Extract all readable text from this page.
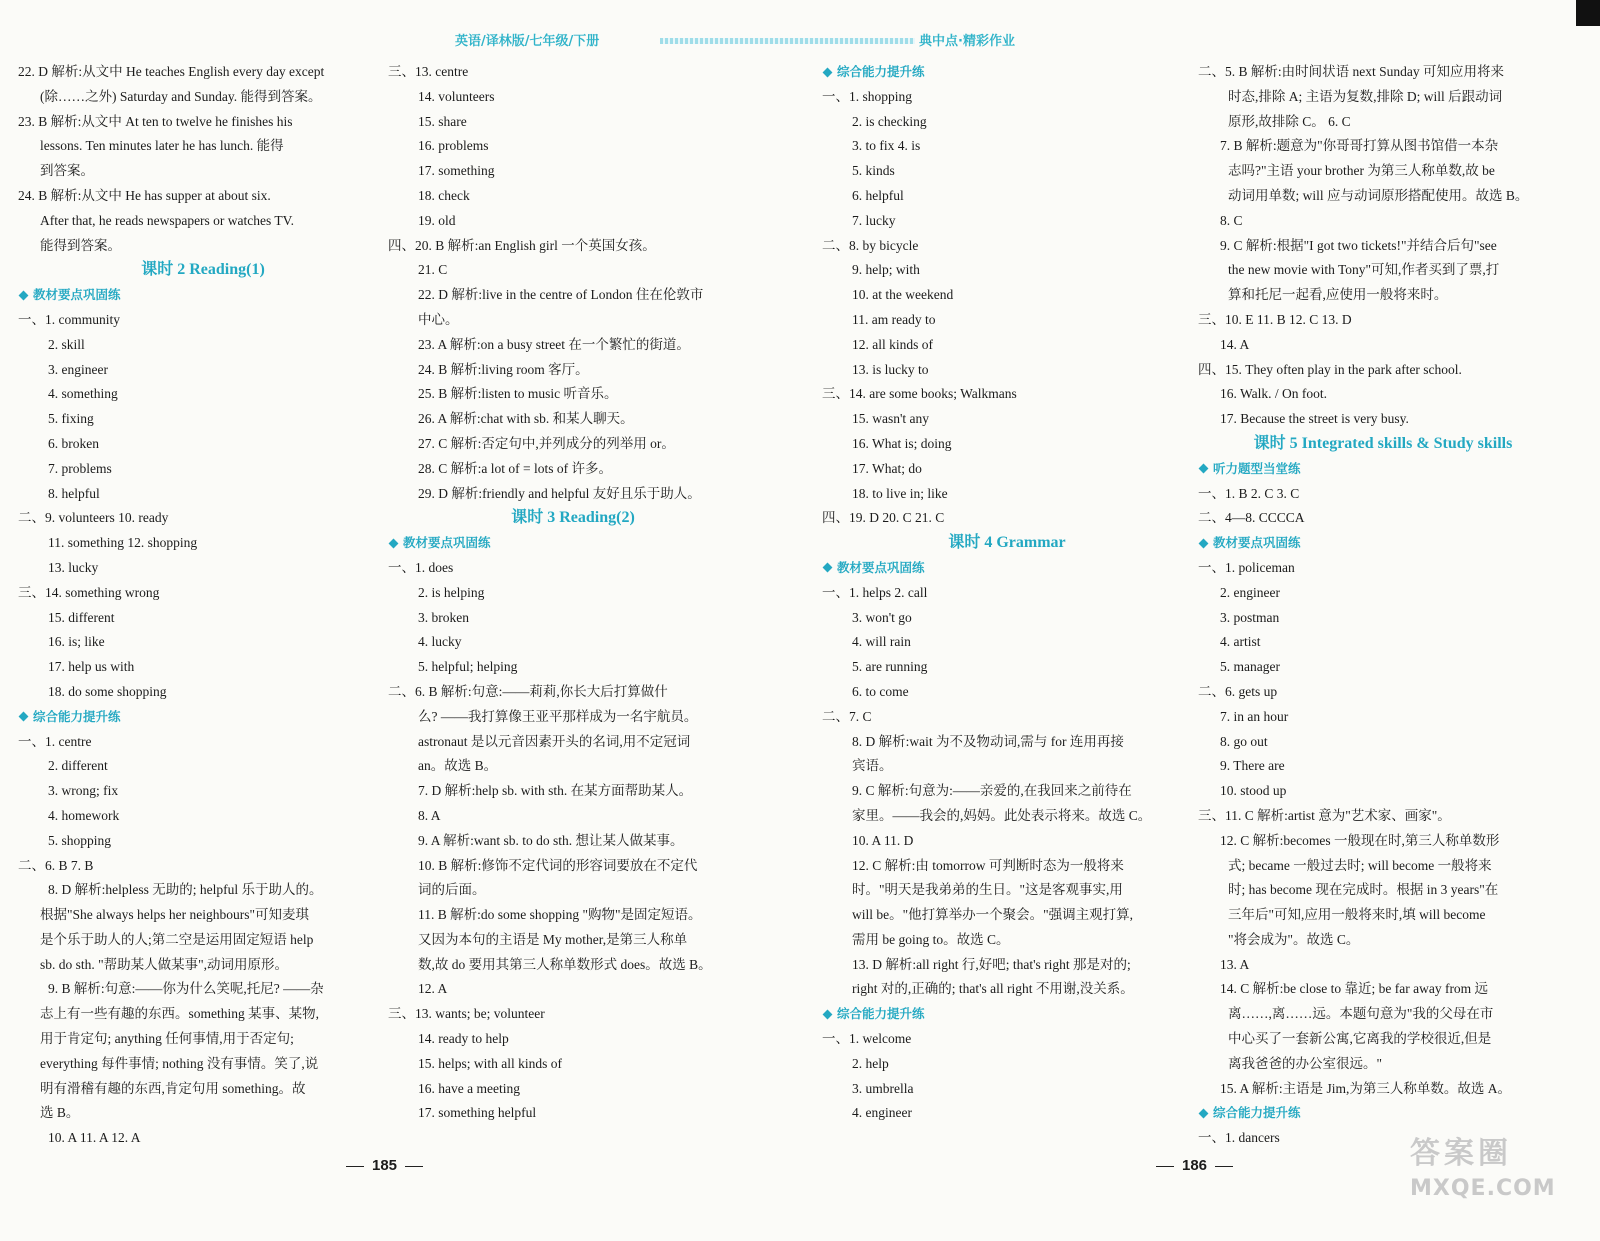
英语/译林版/七年级/下册	典中点·精彩作业
22. D 解析:从文中 He teaches English every day except
(除……之外) Saturday and Sunday. 能得到答案。
23. B 解析:从文中 At ten to twelve he finishes his
lessons. Ten minutes later he has lunch. 能得
到答案。
24. B 解析:从文中 He has supper at about six.
After that, he reads newspapers or watches TV.
能得到答案。
课时 2 Reading(1)
教材要点巩固练
一、1. community
2. skill
3. engineer
4. something
5. fixing
6. broken
7. problems
8. helpful
二、9. volunteers 10. ready
11. something 12. shopping
13. lucky
三、14. something wrong
15. different
16. is; like
17. help us with
18. do some shopping
综合能力提升练
一、1. centre
2. different
3. wrong; fix
4. homework
5. shopping
二、6. B 7. B
8. D 解析:helpless 无助的; helpful 乐于助人的。
根据"She always helps her neighbours"可知麦琪
是个乐于助人的人;第二空是运用固定短语 help
sb. do sth. "帮助某人做某事",动词用原形。
9. B 解析:句意:——你为什么笑呢,托尼? ——杂
志上有一些有趣的东西。something 某事、某物,
用于肯定句; anything 任何事情,用于否定句;
everything 每件事情; nothing 没有事情。笑了,说
明有滑稽有趣的东西,肯定句用 something。故
选 B。
10. A 11. A 12. A
三、13. centre
14. volunteers
15. share
16. problems
17. something
18. check
19. old
四、20. B 解析:an English girl 一个英国女孩。
21. C
22. D 解析:live in the centre of London 住在伦敦市
中心。
23. A 解析:on a busy street 在一个繁忙的街道。
24. B 解析:living room 客厅。
25. B 解析:listen to music 听音乐。
26. A 解析:chat with sb. 和某人聊天。
27. C 解析:否定句中,并列成分的列举用 or。
28. C 解析:a lot of = lots of 许多。
29. D 解析:friendly and helpful 友好且乐于助人。
课时 3 Reading(2)
教材要点巩固练
一、1. does
2. is helping
3. broken
4. lucky
5. helpful; helping
二、6. B 解析:句意:——莉莉,你长大后打算做什
么? ——我打算像王亚平那样成为一名宇航员。
astronaut 是以元音因素开头的名词,用不定冠词
an。故选 B。
7. D 解析:help sb. with sth. 在某方面帮助某人。
8. A
9. A 解析:want sb. to do sth. 想让某人做某事。
10. B 解析:修饰不定代词的形容词要放在不定代
词的后面。
11. B 解析:do some shopping "购物"是固定短语。
又因为本句的主语是 My mother,是第三人称单
数,故 do 要用其第三人称单数形式 does。故选 B。
12. A
三、13. wants; be; volunteer
14. ready to help
15. helps; with all kinds of
16. have a meeting
17. something helpful
综合能力提升练
一、1. shopping
2. is checking
3. to fix 4. is
5. kinds
6. helpful
7. lucky
二、8. by bicycle
9. help; with
10. at the weekend
11. am ready to
12. all kinds of
13. is lucky to
三、14. are some books; Walkmans
15. wasn't any
16. What is; doing
17. What; do
18. to live in; like
四、19. D 20. C 21. C
课时 4 Grammar
教材要点巩固练
一、1. helps 2. call
3. won't go
4. will rain
5. are running
6. to come
二、7. C
8. D 解析:wait 为不及物动词,需与 for 连用再接
宾语。
9. C 解析:句意为:——亲爱的,在我回来之前待在
家里。——我会的,妈妈。此处表示将来。故选 C。
10. A 11. D
12. C 解析:由 tomorrow 可判断时态为一般将来
时。"明天是我弟弟的生日。"这是客观事实,用
will be。"他打算举办一个聚会。"强调主观打算,
需用 be going to。故选 C。
13. D 解析:all right 行,好吧; that's right 那是对的;
right 对的,正确的; that's all right 不用谢,没关系。
综合能力提升练
一、1. welcome
2. help
3. umbrella
4. engineer
二、5. B 解析:由时间状语 next Sunday 可知应用将来
时态,排除 A; 主语为复数,排除 D; will 后跟动词
原形,故排除 C。 6. C
7. B 解析:题意为"你哥哥打算从图书馆借一本杂
志吗?"主语 your brother 为第三人称单数,故 be
动词用单数; will 应与动词原形搭配使用。故选 B。
8. C
9. C 解析:根据"I got two tickets!"并结合后句"see
the new movie with Tony"可知,作者买到了票,打
算和托尼一起看,应使用一般将来时。
三、10. E 11. B 12. C 13. D
14. A
四、15. They often play in the park after school.
16. Walk. / On foot.
17. Because the street is very busy.
课时 5 Integrated skills & Study skills
听力题型当堂练
一、1. B 2. C 3. C
二、4—8. CCCCA
教材要点巩固练
一、1. policeman
2. engineer
3. postman
4. artist
5. manager
二、6. gets up
7. in an hour
8. go out
9. There are
10. stood up
三、11. C 解析:artist 意为"艺术家、画家"。
12. C 解析:becomes 一般现在时,第三人称单数形
式; became 一般过去时; will become 一般将来
时; has become 现在完成时。根据 in 3 years"在
三年后"可知,应用一般将来时,填 will become
"将会成为"。故选 C。
13. A
14. C 解析:be close to 靠近; be far away from 远
离……,离……远。本题句意为"我的父母在市
中心买了一套新公寓,它离我的学校很近,但是
离我爸爸的办公室很远。"
15. A 解析:主语是 Jim,为第三人称单数。故选 A。
综合能力提升练
一、1. dancers
185	186	答案圈
MXQE.COM
